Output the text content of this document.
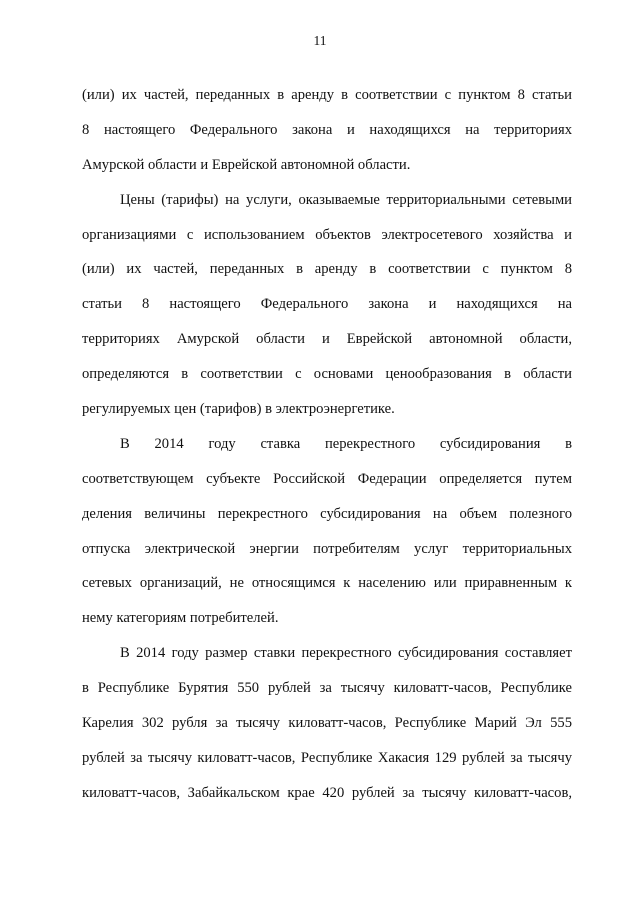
11
(или) их частей, переданных в аренду в соответствии с пунктом 8 статьи
8 настоящего Федерального закона и находящихся на территориях
Амурской области и Еврейской автономной области.
Цены (тарифы) на услуги, оказываемые территориальными сетевыми
организациями с использованием объектов электросетевого хозяйства и
(или) их частей, переданных в аренду в соответствии с пунктом 8
статьи 8 настоящего Федерального закона и находящихся на
территориях Амурской области и Еврейской автономной области,
определяются в соответствии с основами ценообразования в области
регулируемых цен (тарифов) в электроэнергетике.
В 2014 году ставка перекрестного субсидирования в
соответствующем субъекте Российской Федерации определяется путем
деления величины перекрестного субсидирования на объем полезного
отпуска электрической энергии потребителям услуг территориальных
сетевых организаций, не относящимся к населению или приравненным к
нему категориям потребителей.
В 2014 году размер ставки перекрестного субсидирования составляет
в Республике Бурятия 550 рублей за тысячу киловатт-часов, Республике
Карелия 302 рубля за тысячу киловатт-часов, Республике Марий Эл 555
рублей за тысячу киловатт-часов, Республике Хакасия 129 рублей за тысячу
киловатт-часов, Забайкальском крае 420 рублей за тысячу киловатт-часов,
